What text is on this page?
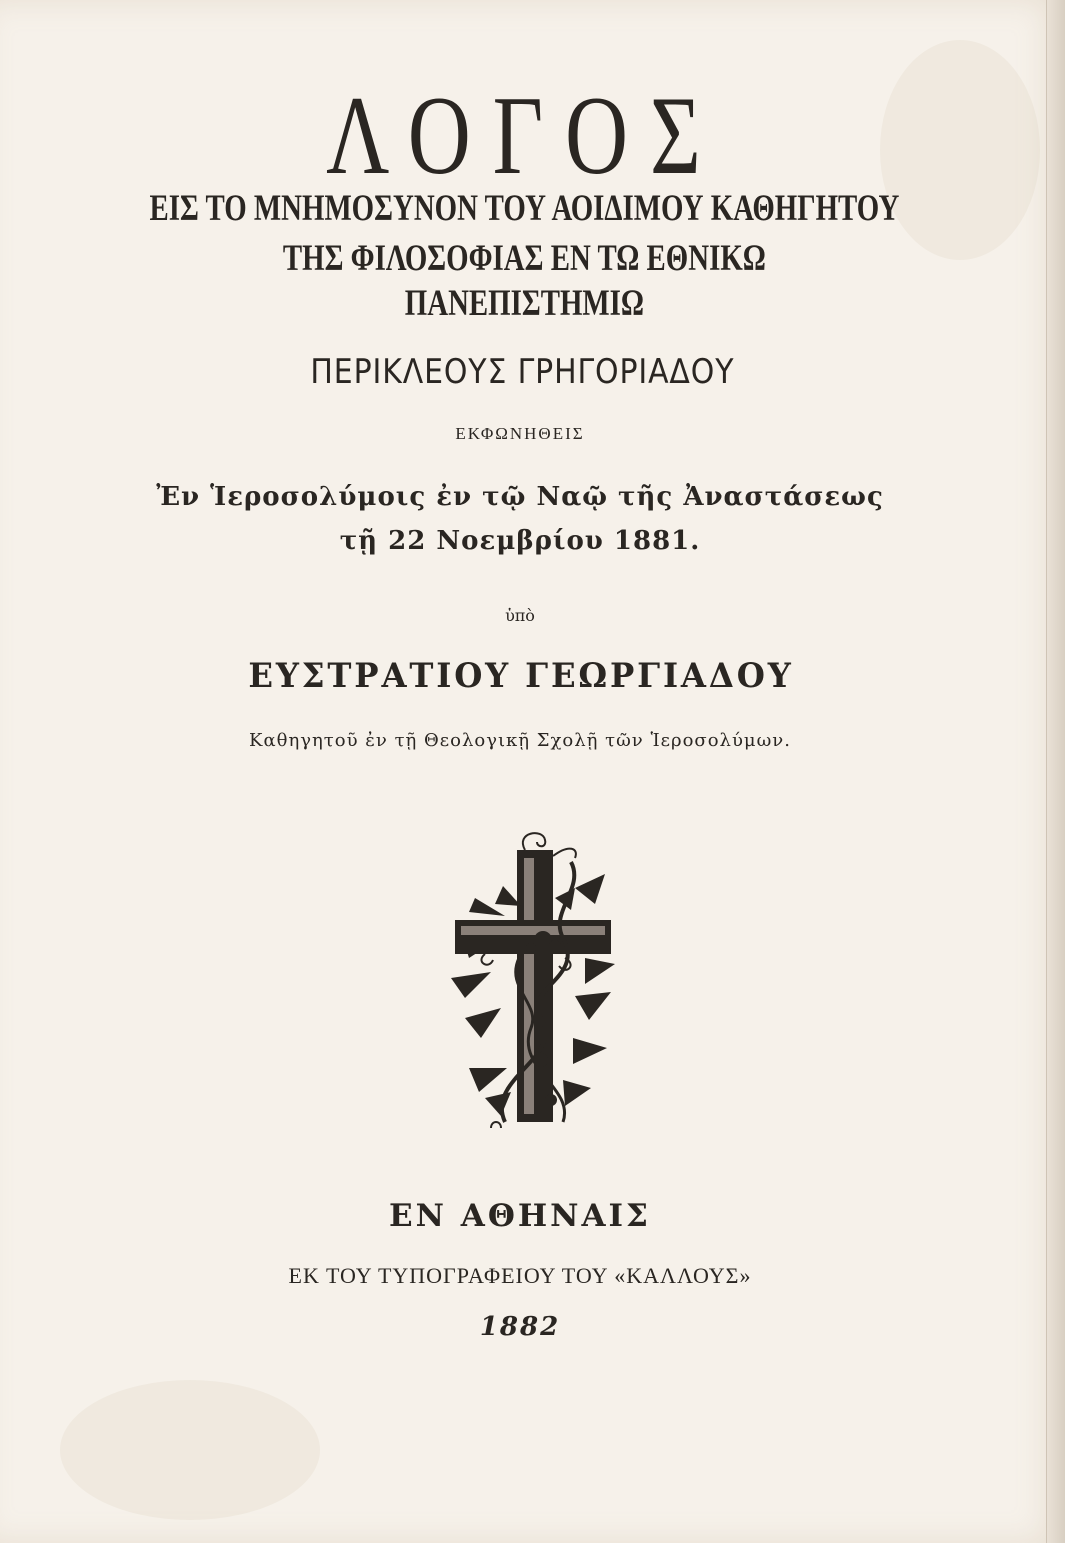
ΛΟΓΟΣ
ΕΙΣ ΤΟ ΜΝΗΜΟΣΥΝΟΝ ΤΟΥ ΑΟΙΔΙΜΟΥ ΚΑΘΗΓΗΤΟΥ
ΤΗΣ ΦΙΛΟΣΟΦΙΑΣ ΕΝ ΤΩ ΕΘΝΙΚΩ
ΠΑΝΕΠΙΣΤΗΜΙΩ
ΠΕΡΙΚΛΕΟΥΣ ΓΡΗΓΟΡΙΑΔΟΥ
ΕΚΦΩΝΗΘΕΙΣ
Ἐν Ἱεροσολύμοις ἐν τῷ Ναῷ τῆς Ἀναστάσεως
τῇ 22 Νοεμβρίου 1881.
ὑπὸ
ΕΥΣΤΡΑΤΙΟΥ ΓΕΩΡΓΙΑΔΟΥ
Καθηγητοῦ ἐν τῇ Θεολογικῇ Σχολῇ τῶν Ἱεροσολύμων.
ΕΝ ΑΘΗΝΑΙΣ
ΕΚ ΤΟΥ ΤΥΠΟΓΡΑΦΕΙΟΥ ΤΟΥ «ΚΑΛΛΟΥΣ»
1882
